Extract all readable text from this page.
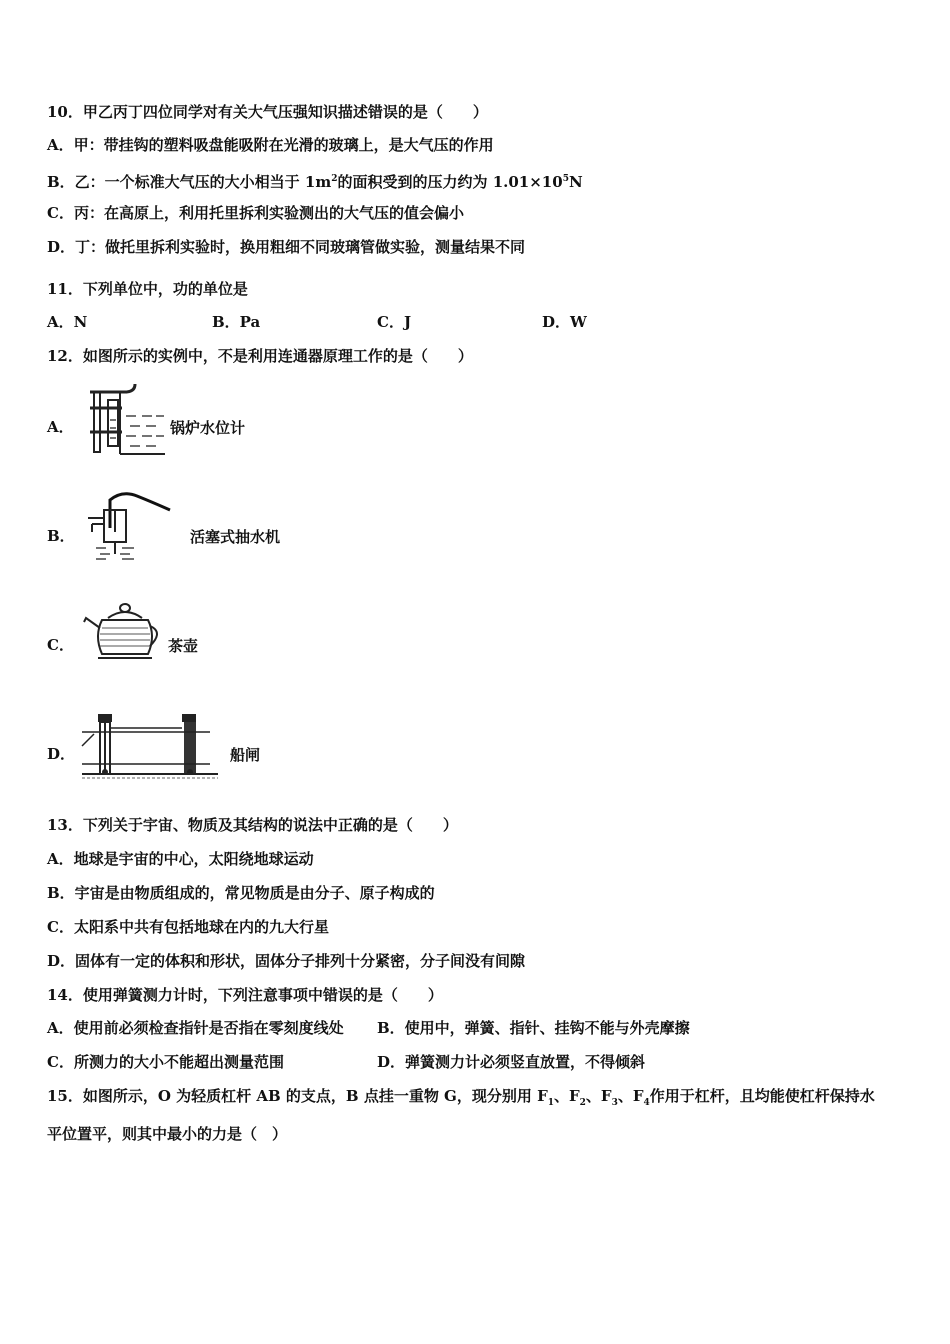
10．甲乙丙丁四位同学对有关大气压强知识描述错误的是（　　）
A．甲：带挂钩的塑料吸盘能吸附在光滑的玻璃上，是大气压的作用
B．乙：一个标准大气压的大小相当于 $1m^2$的面积受到的压力约为 $1.01\times 10^5N$
C．丙：在高原上，利用托里拆利实验测出的大气压的值会偏小
D．丁：做托里拆利实验时，换用粗细不同玻璃管做实验，测量结果不同
11．下列单位中，功的单位是
A．N	B．Pa	C．J	D．W
12．如图所示的实例中，不是利用连通器原理工作的是（　　）
A．	锅炉水位计
B．	活塞式抽水机
C．	茶壶
D．	船闸
13．下列关于宇宙、物质及其结构的说法中正确的是（　　）
A．地球是宇宙的中心，太阳绕地球运动
B．宇宙是由物质组成的，常见物质是由分子、原子构成的
C．太阳系中共有包括地球在内的九大行星
D．固体有一定的体积和形状，固体分子排列十分紧密，分子间没有间隙
14．使用弹簧测力计时，下列注意事项中错误的是（　　）
A．使用前必须检查指针是否指在零刻度线处 B．使用中，弹簧、指针、挂钩不能与外壳摩擦
C．所测力的大小不能超出测量范围	D．弹簧测力计必须竖直放置，不得倾斜
15．如图所示，O 为轻质杠杆 AB 的支点，B 点挂一重物 G，现分别用 $F_1$、$F_2$、$F_3$、$F_4$作用于杠杆，且均能使杠杆保持水
平位置平，则其中最小的力是（　）
